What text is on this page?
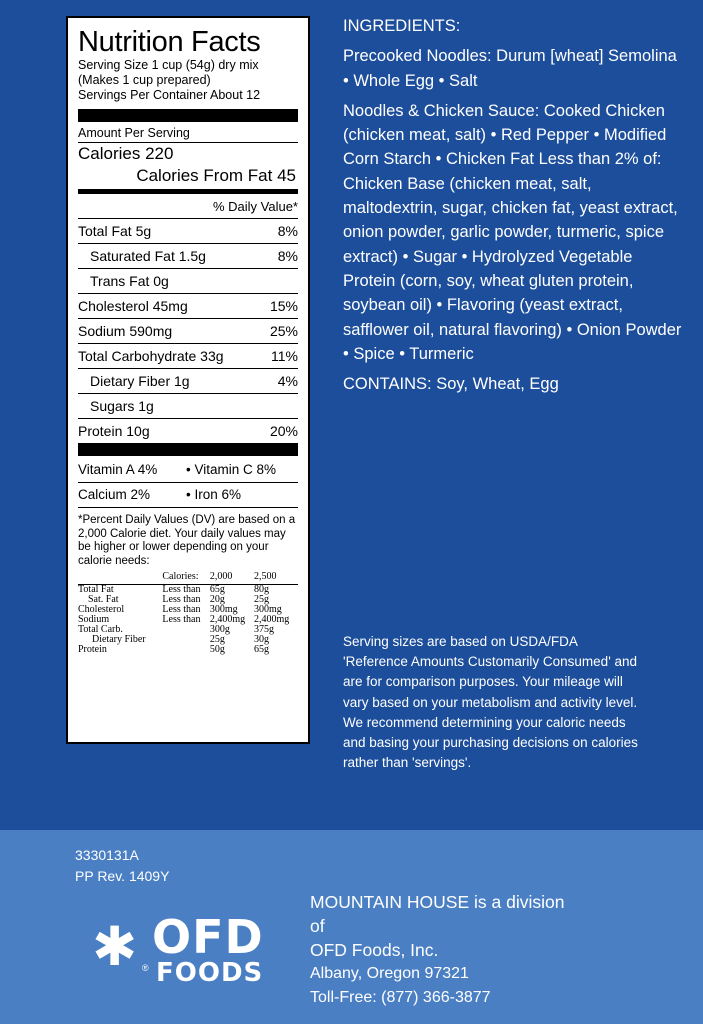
Nutrition Facts
Serving Size 1 cup (54g) dry mix
(Makes 1 cup prepared)
Servings Per Container About 12
Amount Per Serving
Calories 220
Calories From Fat 45
% Daily Value*
Total Fat 5g	8%
Saturated Fat 1.5g	8%
Trans Fat 0g
Cholesterol 45mg	15%
Sodium 590mg	25%
Total Carbohydrate 33g	11%
Dietary Fiber 1g	4%
Sugars 1g
Protein 10g	20%
Vitamin A 4%	• Vitamin C 8%
Calcium 2%	• Iron 6%
*Percent Daily Values (DV) are based on a 2,000 Calorie diet. Your daily values may be higher or lower depending on your calorie needs:
	Calories:	2,000	2,500
Total Fat	Less than	65g	80g
Sat. Fat	Less than	20g	25g
Cholesterol	Less than	300mg	300mg
Sodium	Less than	2,400mg	2,400mg
Total Carb.		300g	375g
Dietary Fiber		25g	30g
Protein		50g	65g

INGREDIENTS:

Precooked Noodles: Durum [wheat] Semolina • Whole Egg • Salt

Noodles & Chicken Sauce: Cooked Chicken (chicken meat, salt) • Red Pepper • Modified Corn Starch • Chicken Fat Less than 2% of: Chicken Base (chicken meat, salt, maltodextrin, sugar, chicken fat, yeast extract, onion powder, garlic powder, turmeric, spice extract) • Sugar • Hydrolyzed Vegetable Protein (corn, soy, wheat gluten protein, soybean oil) • Flavoring (yeast extract, safflower oil, natural flavoring) • Onion Powder • Spice • Turmeric

CONTAINS: Soy, Wheat, Egg

Serving sizes are based on USDA/FDA 'Reference Amounts Customarily Consumed' and are for comparison purposes. Your mileage will vary based on your metabolism and activity level. We recommend determining your caloric needs and basing your purchasing decisions on calories rather than 'servings'.
3330131A
PP Rev. 1409Y
✱ ®
OFD
FOODS
MOUNTAIN HOUSE is a division
of
OFD Foods, Inc.
Albany, Oregon 97321
Toll-Free: (877) 366-3877
